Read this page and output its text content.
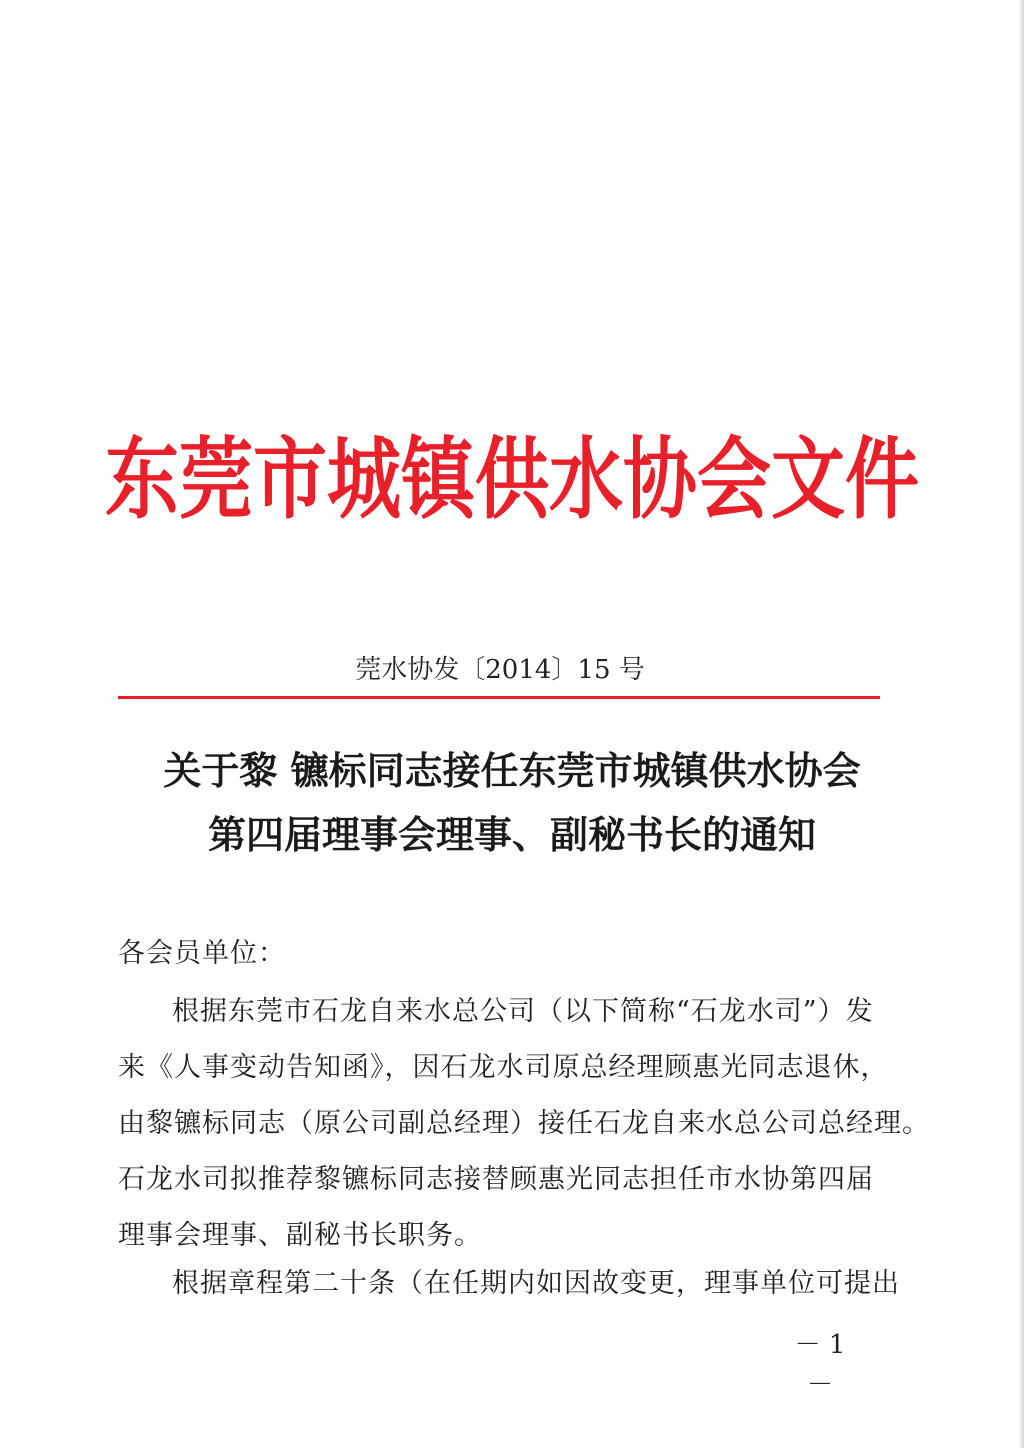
东莞市城镇供水协会文件
莞水协发〔2014〕15 号
关于黎 镳标同志接任东莞市城镇供水协会
第四届理事会理事、副秘书长的通知
各会员单位：
根据东莞市石龙自来水总公司（以下简称“石龙水司”）发
来《人事变动告知函》，因石龙水司原总经理顾惠光同志退休，
由黎镳标同志（原公司副总经理）接任石龙自来水总公司总经理。
石龙水司拟推荐黎镳标同志接替顾惠光同志担任市水协第四届
理事会理事、副秘书长职务。
根据章程第二十条（在任期内如因故变更，理事单位可提出
－ 1 －
